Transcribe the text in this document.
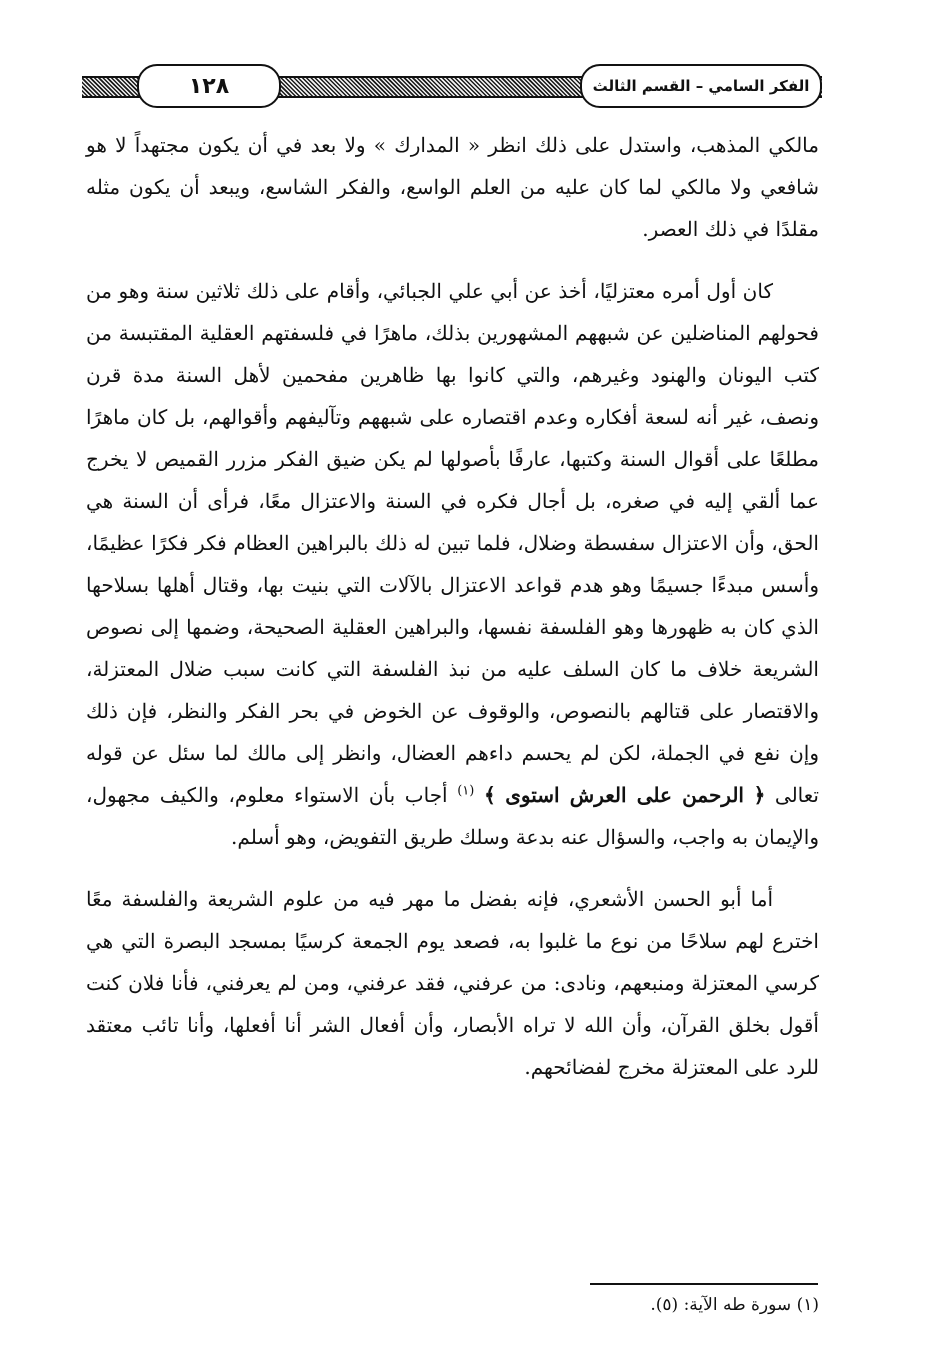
١٢٨	الفكر السامي – القسم الثالث

مالكي المذهب، واستدل على ذلك انظر « المدارك » ولا بعد في أن يكون مجتهداً لا هو شافعي ولا مالكي لما كان عليه من العلم الواسع، والفكر الشاسع، ويبعد أن يكون مثله مقلدًا في ذلك العصر.

كان أول أمره معتزليًا، أخذ عن أبي علي الجبائي، وأقام على ذلك ثلاثين سنة وهو من فحولهم المناضلين عن شبههم المشهورين بذلك، ماهرًا في فلسفتهم العقلية المقتبسة من كتب اليونان والهنود وغيرهم، والتي كانوا بها ظاهرين مفحمين لأهل السنة مدة قرن ونصف، غير أنه لسعة أفكاره وعدم اقتصاره على شبههم وتآليفهم وأقوالهم، بل كان ماهرًا مطلعًا على أقوال السنة وكتبها، عارفًا بأصولها لم يكن ضيق الفكر مزرر القميص لا يخرج عما ألقي إليه في صغره، بل أجال فكره في السنة والاعتزال معًا، فرأى أن السنة هي الحق، وأن الاعتزال سفسطة وضلال، فلما تبين له ذلك بالبراهين العظام فكر فكرًا عظيمًا، وأسس مبدءًا جسيمًا وهو هدم قواعد الاعتزال بالآلات التي بنيت بها، وقتال أهلها بسلاحها الذي كان به ظهورها وهو الفلسفة نفسها، والبراهين العقلية الصحيحة، وضمها إلى نصوص الشريعة خلاف ما كان السلف عليه من نبذ الفلسفة التي كانت سبب ضلال المعتزلة، والاقتصار على قتالهم بالنصوص، والوقوف عن الخوض في بحر الفكر والنظر، فإن ذلك وإن نفع في الجملة، لكن لم يحسم داءهم العضال، وانظر إلى مالك لما سئل عن قوله تعالى ﴿ الرحمن على العرش استوى ﴾ $^{(١)}$ أجاب بأن الاستواء معلوم، والكيف مجهول، والإيمان به واجب، والسؤال عنه بدعة وسلك طريق التفويض، وهو أسلم.

أما أبو الحسن الأشعري، فإنه بفضل ما مهر فيه من علوم الشريعة والفلسفة معًا اخترع لهم سلاحًا من نوع ما غلبوا به، فصعد يوم الجمعة كرسيًا بمسجد البصرة التي هي كرسي المعتزلة ومنبعهم، ونادى: من عرفني، فقد عرفني، ومن لم يعرفني، فأنا فلان كنت أقول بخلق القرآن، وأن الله لا تراه الأبصار، وأن أفعال الشر أنا أفعلها، وأنا تائب معتقد للرد على المعتزلة مخرج لفضائحهم.

(١) سورة طه الآية: (٥).
